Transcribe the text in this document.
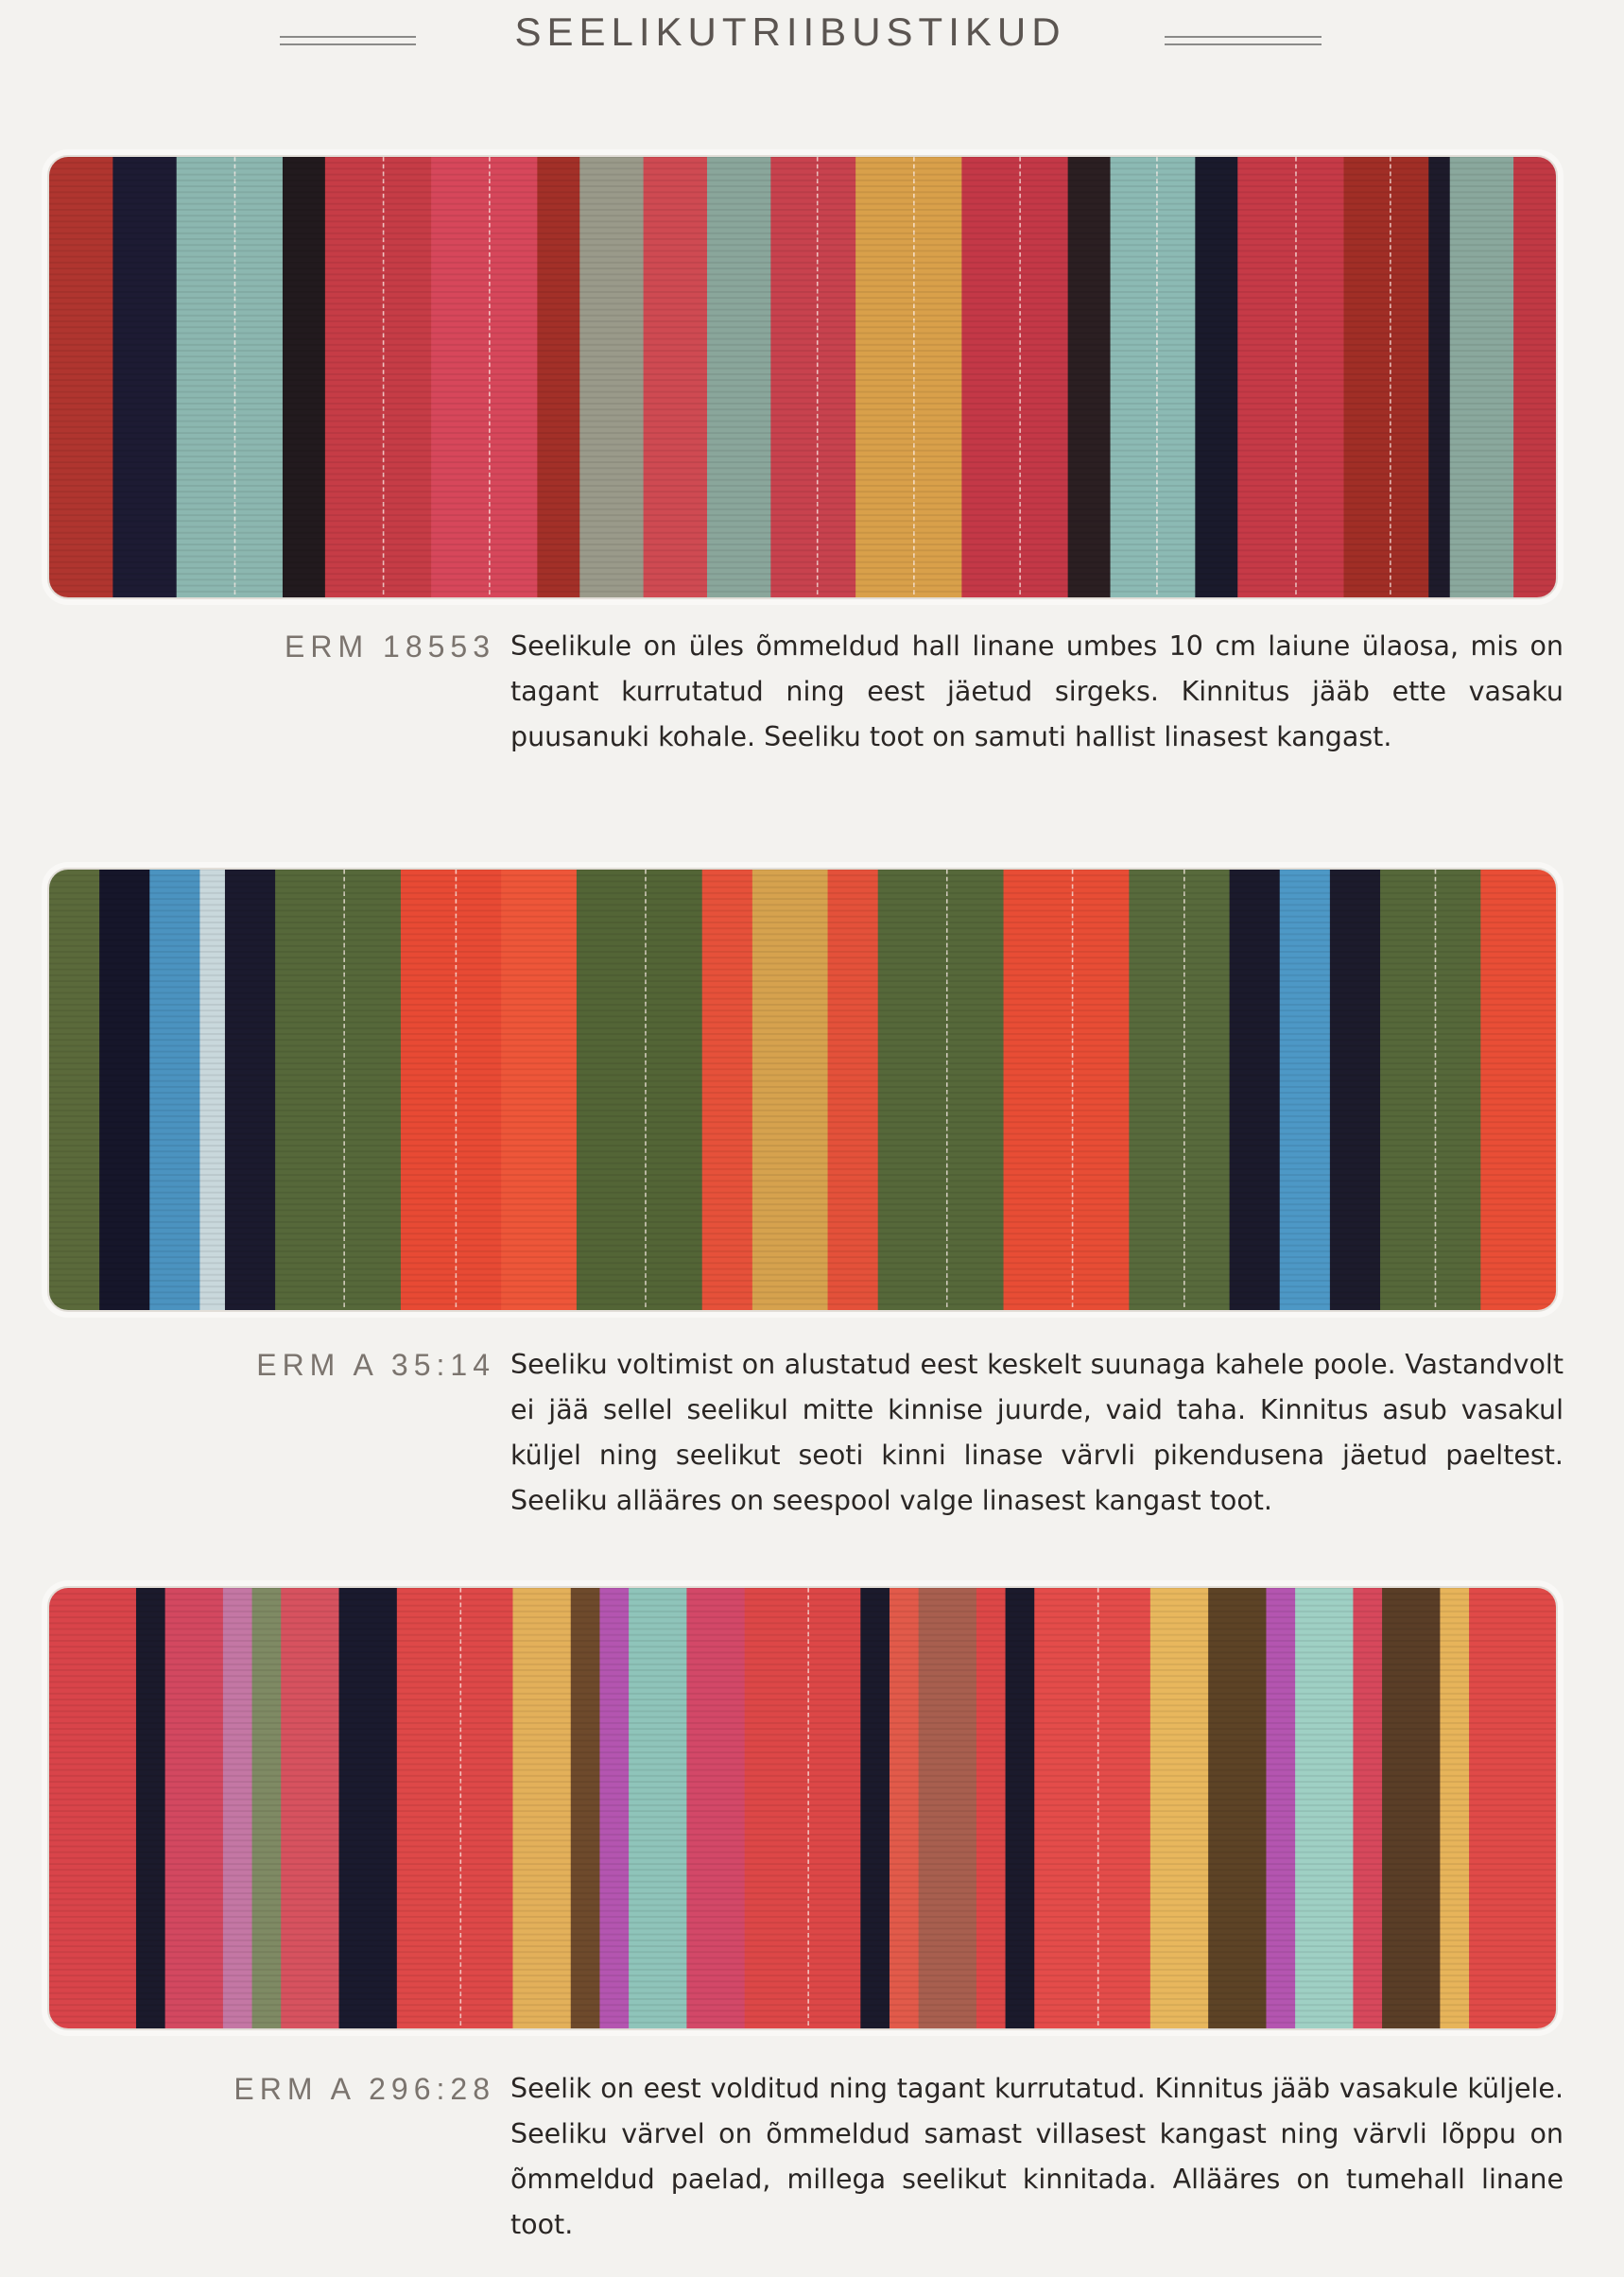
SEELIKUTRIIBUSTIKUD
ERM 18553 Seelikule on üles õmmeldud hall linane umbes 10 cm laiune ülaosa, mis on tagant kurrutatud ning eest jäetud sirgeks. Kinnitus jääb ette vasaku puusanuki kohale. Seeliku toot on samuti hallist linasest kangast.

ERM A 35:14 Seeliku voltimist on alustatud eest keskelt suunaga kahele poole. Vastandvolt ei jää sellel seelikul mitte kinnise juurde, vaid taha. Kinnitus asub vasakul küljel ning seelikut seoti kinni linase värvli pikendusena jäetud paeltest. Seeliku allääres on seespool valge linasest kangast toot.

ERM A 296:28 Seelik on eest volditud ning tagant kurrutatud. Kinnitus jääb vasakule küljele. Seeliku värvel on õmmeldud samast villasest kangast ning värvli lõppu on õmmeldud paelad, millega seelikut kinnitada. Allääres on tumehall linane toot.
